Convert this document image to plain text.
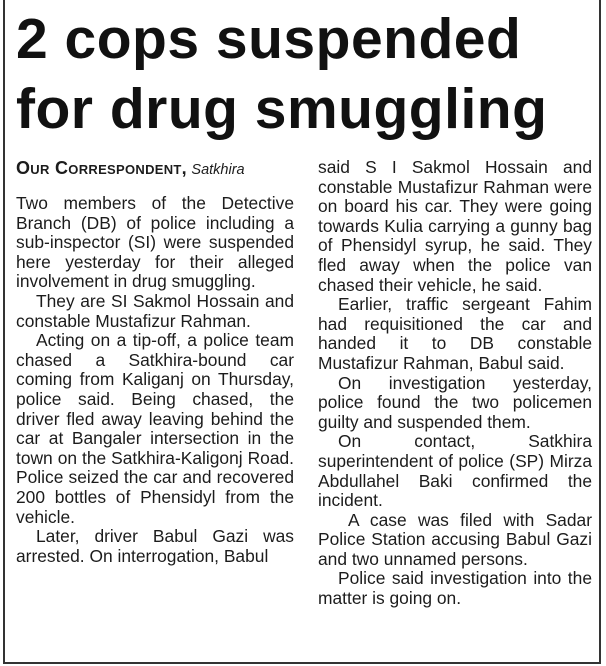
2 cops suspended for drug smuggling
Our Correspondent, Satkhira

Two members of the Detective Branch (DB) of police including a sub-inspector (SI) were suspended here yesterday for their alleged involvement in drug smuggling.

They are SI Sakmol Hossain and constable Mustafizur Rahman.

Acting on a tip-off, a police team chased a Satkhira-bound car coming from Kaliganj on Thursday, police said. Being chased, the driver fled away leaving behind the car at Bangaler intersection in the town on the Satkhira-Kaligonj Road. Police seized the car and recovered 200 bottles of Phensidyl from the vehicle.

Later, driver Babul Gazi was arrested. On interrogation, Babul

said S I Sakmol Hossain and constable Mustafizur Rahman were on board his car. They were going towards Kulia carrying a gunny bag of Phensidyl syrup, he said. They fled away when the police van chased their vehicle, he said.

Earlier, traffic sergeant Fahim had requisitioned the car and handed it to DB constable Mustafizur Rahman, Babul said.

On investigation yesterday, police found the two policemen guilty and suspended them.

On contact, Satkhira superintendent of police (SP) Mirza Abdullahel Baki confirmed the incident.

A case was filed with Sadar Police Station accusing Babul Gazi and two unnamed persons.

Police said investigation into the matter is going on.
